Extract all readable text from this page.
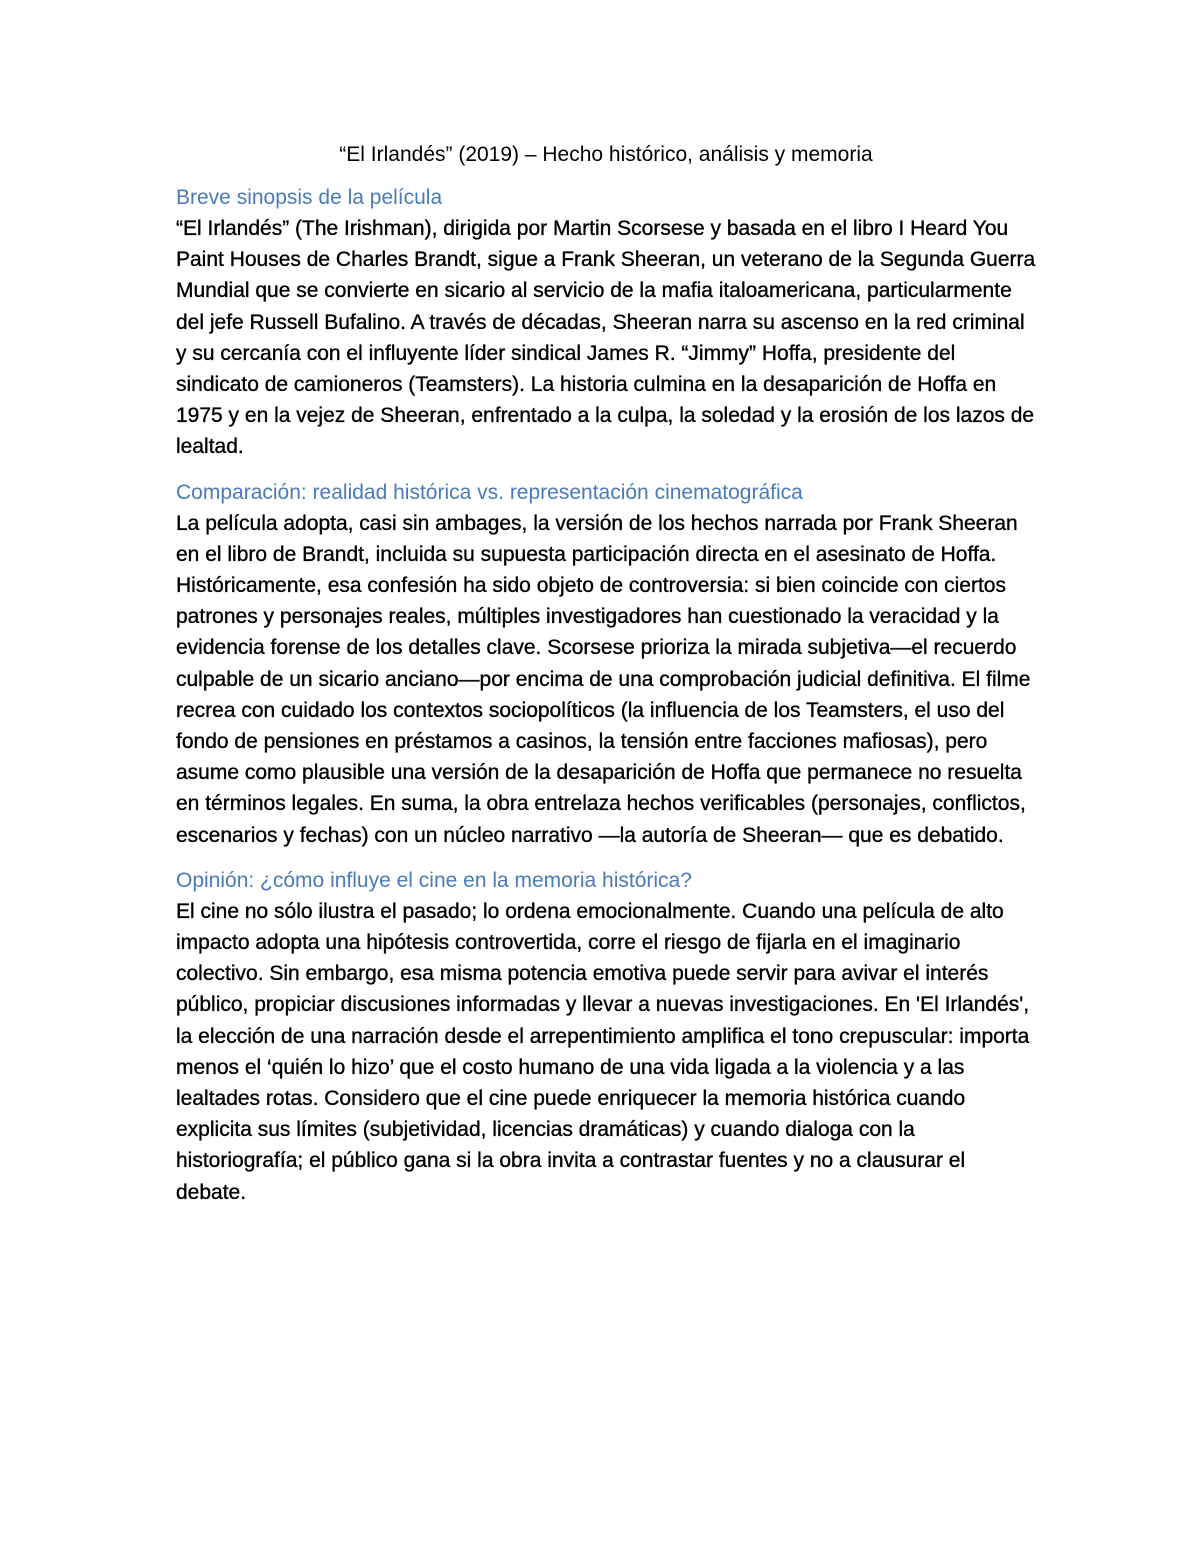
“El Irlandés” (2019) – Hecho histórico, análisis y memoria
Breve sinopsis de la película

“El Irlandés” (The Irishman), dirigida por Martin Scorsese y basada en el libro I Heard You Paint Houses de Charles Brandt, sigue a Frank Sheeran, un veterano de la Segunda Guerra Mundial que se convierte en sicario al servicio de la mafia italoamericana, particularmente del jefe Russell Bufalino. A través de décadas, Sheeran narra su ascenso en la red criminal y su cercanía con el influyente líder sindical James R. “Jimmy” Hoffa, presidente del sindicato de camioneros (Teamsters). La historia culmina en la desaparición de Hoffa en 1975 y en la vejez de Sheeran, enfrentado a la culpa, la soledad y la erosión de los lazos de lealtad.

Comparación: realidad histórica vs. representación cinematográfica

La película adopta, casi sin ambages, la versión de los hechos narrada por Frank Sheeran en el libro de Brandt, incluida su supuesta participación directa en el asesinato de Hoffa. Históricamente, esa confesión ha sido objeto de controversia: si bien coincide con ciertos patrones y personajes reales, múltiples investigadores han cuestionado la veracidad y la evidencia forense de los detalles clave. Scorsese prioriza la mirada subjetiva—el recuerdo culpable de un sicario anciano—por encima de una comprobación judicial definitiva. El filme recrea con cuidado los contextos sociopolíticos (la influencia de los Teamsters, el uso del fondo de pensiones en préstamos a casinos, la tensión entre facciones mafiosas), pero asume como plausible una versión de la desaparición de Hoffa que permanece no resuelta en términos legales. En suma, la obra entrelaza hechos verificables (personajes, conflictos, escenarios y fechas) con un núcleo narrativo —la autoría de Sheeran— que es debatido.

Opinión: ¿cómo influye el cine en la memoria histórica?

El cine no sólo ilustra el pasado; lo ordena emocionalmente. Cuando una película de alto impacto adopta una hipótesis controvertida, corre el riesgo de fijarla en el imaginario colectivo. Sin embargo, esa misma potencia emotiva puede servir para avivar el interés público, propiciar discusiones informadas y llevar a nuevas investigaciones. En 'El Irlandés', la elección de una narración desde el arrepentimiento amplifica el tono crepuscular: importa menos el ‘quién lo hizo’ que el costo humano de una vida ligada a la violencia y a las lealtades rotas. Considero que el cine puede enriquecer la memoria histórica cuando explicita sus límites (subjetividad, licencias dramáticas) y cuando dialoga con la historiografía; el público gana si la obra invita a contrastar fuentes y no a clausurar el debate.
